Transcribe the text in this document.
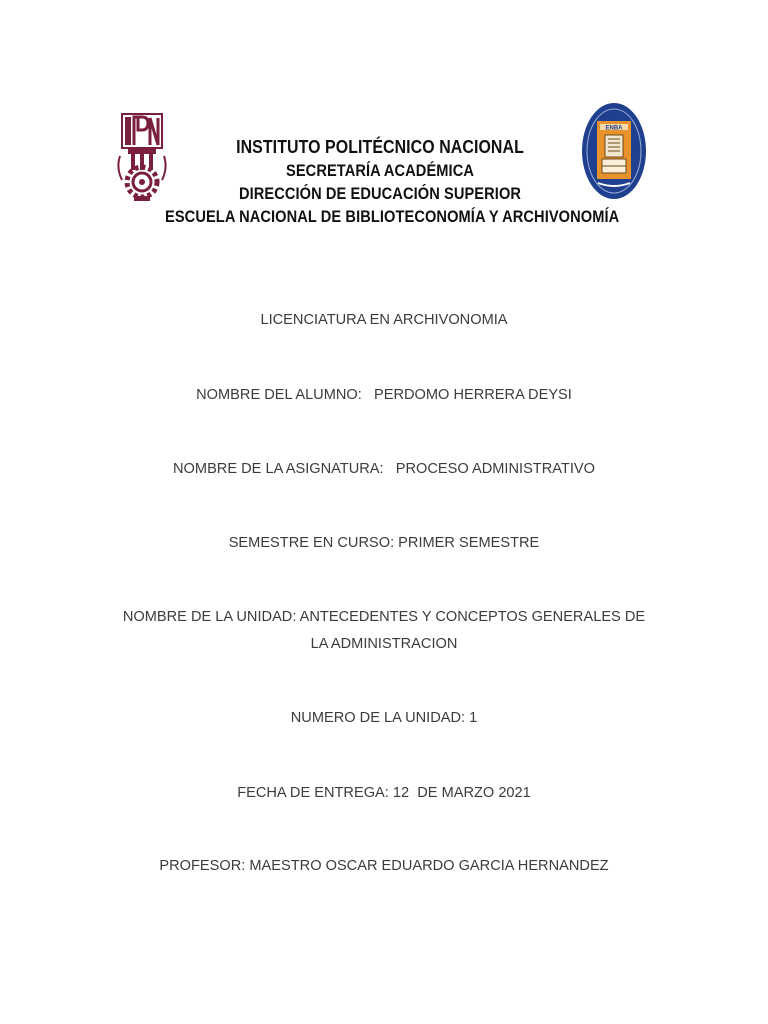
INSTITUTO POLITÉCNICO NACIONAL
SECRETARÍA ACADÉMICA
DIRECCIÓN DE EDUCACIÓN SUPERIOR
ESCUELA NACIONAL DE BIBLIOTECONOMÍA Y ARCHIVONOMÍA
ENBA
LICENCIATURA EN ARCHIVONOMIA
NOMBRE DEL ALUMNO:   PERDOMO HERRERA DEYSI
NOMBRE DE LA ASIGNATURA:   PROCESO ADMINISTRATIVO
SEMESTRE EN CURSO: PRIMER SEMESTRE
NOMBRE DE LA UNIDAD: ANTECEDENTES Y CONCEPTOS GENERALES DE
LA ADMINISTRACION
NUMERO DE LA UNIDAD: 1
FECHA DE ENTREGA: 12  DE MARZO 2021
PROFESOR: MAESTRO OSCAR EDUARDO GARCIA HERNANDEZ
